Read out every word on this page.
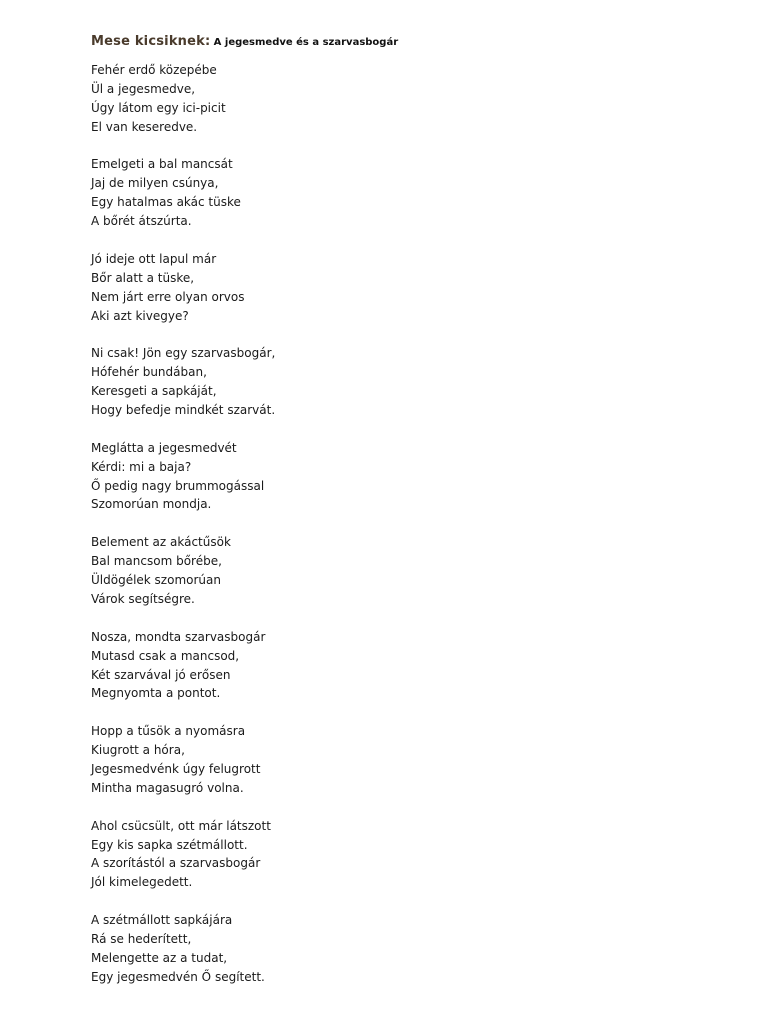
Mese kicsiknek: A jegesmedve és a szarvasbogár
Fehér erdő közepébe
Ül a jegesmedve,
Úgy látom egy ici-picit
El van keseredve.
Emelgeti a bal mancsát
Jaj de milyen csúnya,
Egy hatalmas akác tüske
A bőrét átszúrta.
Jó ideje ott lapul már
Bőr alatt a tüske,
Nem járt erre olyan orvos
Aki azt kivegye?
Ni csak! Jön egy szarvasbogár,
Hófehér bundában,
Keresgeti a sapkáját,
Hogy befedje mindkét szarvát.
Meglátta a jegesmedvét
Kérdi: mi a baja?
Ő pedig nagy brummogással
Szomorúan mondja.
Belement az akáctűsök
Bal mancsom bőrébe,
Üldögélek szomorúan
Várok segítségre.
Nosza, mondta szarvasbogár
Mutasd csak a mancsod,
Két szarvával jó erősen
Megnyomta a pontot.
Hopp a tűsök a nyomásra
Kiugrott a hóra,
Jegesmedvénk úgy felugrott
Mintha magasugró volna.
Ahol csücsült, ott már látszott
Egy kis sapka szétmállott.
A szorítástól a szarvasbogár
Jól kimelegedett.
A szétmállott sapkájára
Rá se hederített,
Melengette az a tudat,
Egy jegesmedvén Ő segített.
